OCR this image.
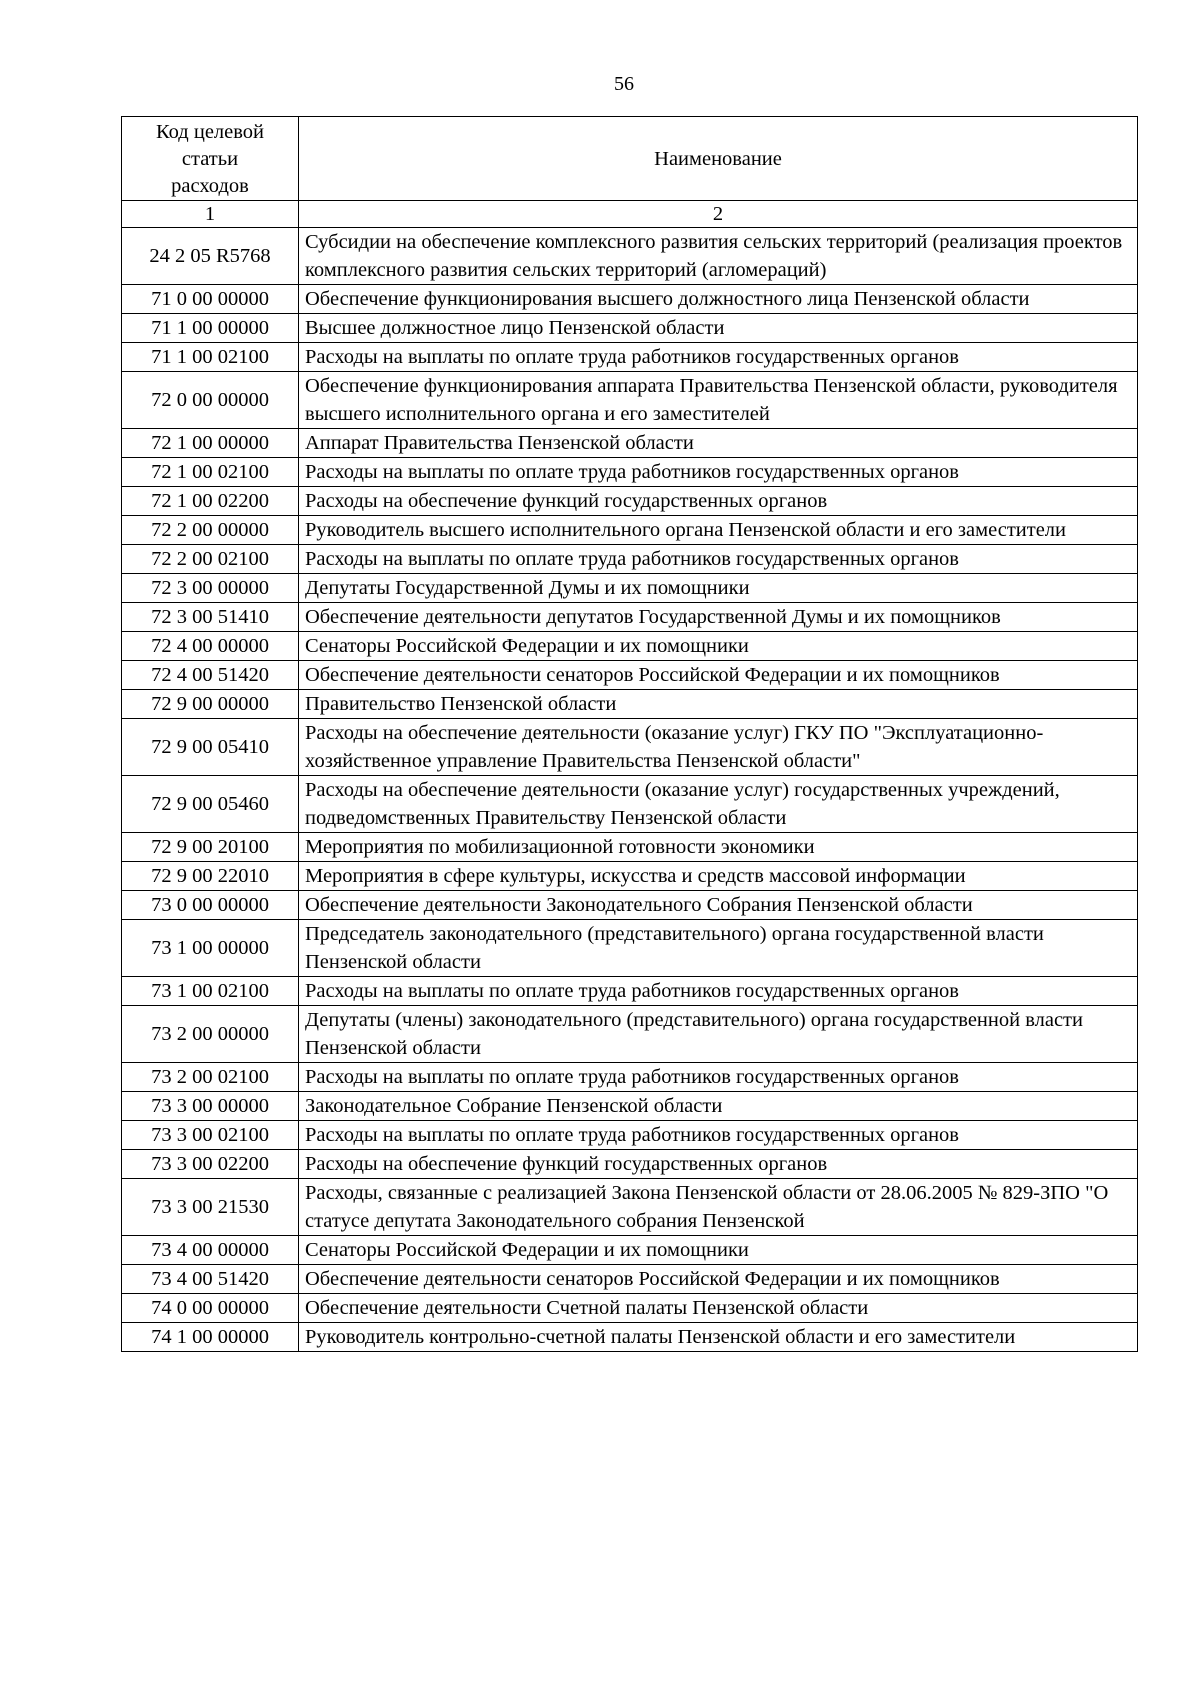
56
Код целевой
статьи
расходов	Наименование
1	2
24 2 05 R5768	Субсидии на обеспечение комплексного развития сельских территорий (реализация проектов комплексного развития сельских территорий (агломераций)
71 0 00 00000	Обеспечение функционирования высшего должностного лица Пензенской области
71 1 00 00000	Высшее должностное лицо Пензенской области
71 1 00 02100	Расходы на выплаты по оплате труда работников государственных органов
72 0 00 00000	Обеспечение функционирования аппарата Правительства Пензенской области, руководителя высшего исполнительного органа и его заместителей
72 1 00 00000	Аппарат Правительства Пензенской области
72 1 00 02100	Расходы на выплаты по оплате труда работников государственных органов
72 1 00 02200	Расходы на обеспечение функций государственных органов
72 2 00 00000	Руководитель высшего исполнительного органа Пензенской области и его заместители
72 2 00 02100	Расходы на выплаты по оплате труда работников государственных органов
72 3 00 00000	Депутаты Государственной Думы и их помощники
72 3 00 51410	Обеспечение деятельности депутатов Государственной Думы и их помощников
72 4 00 00000	Сенаторы Российской Федерации и их помощники
72 4 00 51420	Обеспечение деятельности сенаторов Российской Федерации и их помощников
72 9 00 00000	Правительство Пензенской области
72 9 00 05410	Расходы на обеспечение деятельности (оказание услуг) ГКУ ПО "Эксплуатационно-хозяйственное управление Правительства Пензенской области"
72 9 00 05460	Расходы на обеспечение деятельности (оказание услуг) государственных учреждений, подведомственных Правительству Пензенской области
72 9 00 20100	Мероприятия по мобилизационной готовности экономики
72 9 00 22010	Мероприятия в сфере культуры, искусства и средств массовой информации
73 0 00 00000	Обеспечение деятельности Законодательного Собрания Пензенской области
73 1 00 00000	Председатель законодательного (представительного) органа государственной власти Пензенской области
73 1 00 02100	Расходы на выплаты по оплате труда работников государственных органов
73 2 00 00000	Депутаты (члены) законодательного (представительного) органа государственной власти Пензенской области
73 2 00 02100	Расходы на выплаты по оплате труда работников государственных органов
73 3 00 00000	Законодательное Собрание Пензенской области
73 3 00 02100	Расходы на выплаты по оплате труда работников государственных органов
73 3 00 02200	Расходы на обеспечение функций государственных органов
73 3 00 21530	Расходы, связанные с реализацией Закона Пензенской области от 28.06.2005 № 829-ЗПО "О статусе депутата Законодательного собрания Пензенской
73 4 00 00000	Сенаторы Российской Федерации и их помощники
73 4 00 51420	Обеспечение деятельности сенаторов Российской Федерации и их помощников
74 0 00 00000	Обеспечение деятельности Счетной палаты Пензенской области
74 1 00 00000	Руководитель контрольно-счетной палаты Пензенской области и его заместители
